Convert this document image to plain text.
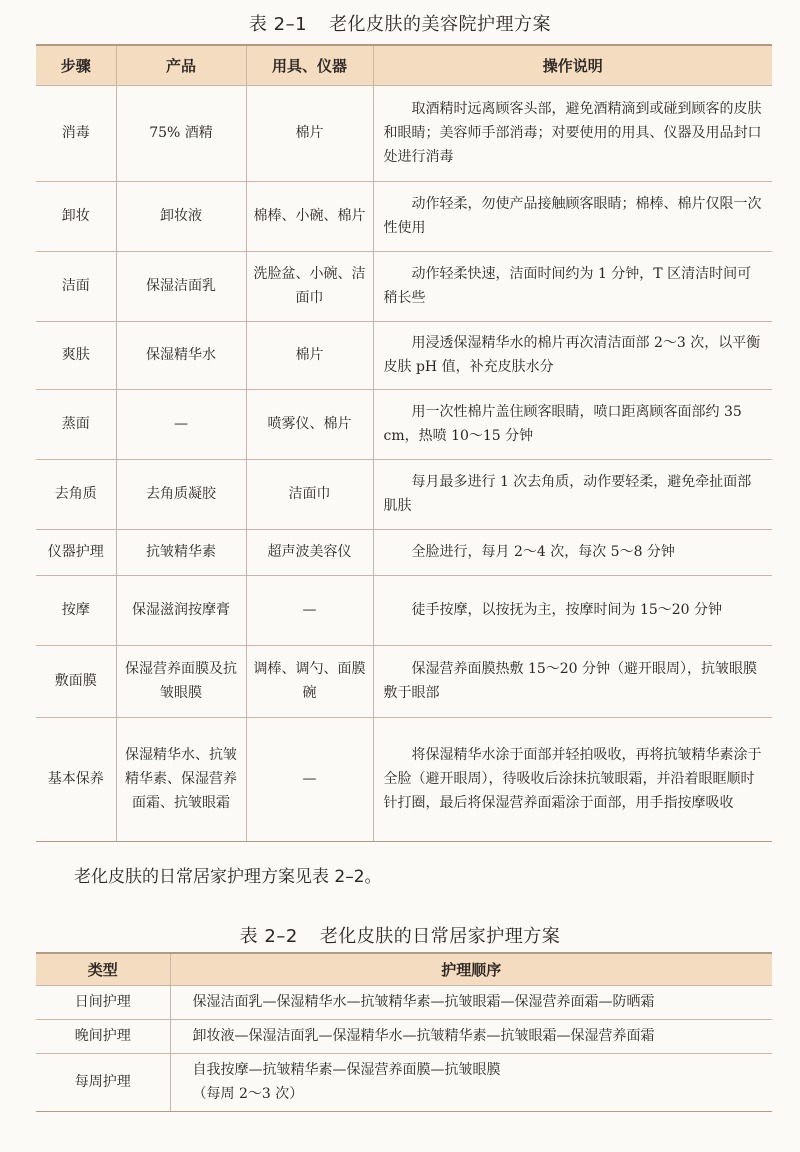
表 2–1 老化皮肤的美容院护理方案
步骤	产品	用具、仪器	操作说明
消毒	75% 酒精	棉片	取酒精时远离顾客头部，避免酒精滴到或碰到顾客的皮肤和眼睛；美容师手部消毒；对要使用的用具、仪器及用品封口处进行消毒
卸妆	卸妆液	棉棒、小碗、棉片	动作轻柔，勿使产品接触顾客眼睛；棉棒、棉片仅限一次性使用
洁面	保湿洁面乳	洗脸盆、小碗、洁面巾	动作轻柔快速，洁面时间约为 1 分钟，T 区清洁时间可稍长些
爽肤	保湿精华水	棉片	用浸透保湿精华水的棉片再次清洁面部 2～3 次，以平衡皮肤 pH 值，补充皮肤水分
蒸面	—	喷雾仪、棉片	用一次性棉片盖住顾客眼睛，喷口距离顾客面部约 35 cm，热喷 10～15 分钟
去角质	去角质凝胶	洁面巾	每月最多进行 1 次去角质，动作要轻柔，避免牵扯面部肌肤
仪器护理	抗皱精华素	超声波美容仪	全脸进行，每月 2～4 次，每次 5～8 分钟
按摩	保湿滋润按摩膏	—	徒手按摩，以按抚为主，按摩时间为 15～20 分钟
敷面膜	保湿营养面膜及抗皱眼膜	调棒、调勺、面膜碗	保湿营养面膜热敷 15～20 分钟（避开眼周），抗皱眼膜敷于眼部
基本保养	保湿精华水、抗皱精华素、保湿营养面霜、抗皱眼霜	—	将保湿精华水涂于面部并轻拍吸收，再将抗皱精华素涂于全脸（避开眼周），待吸收后涂抹抗皱眼霜，并沿着眼眶顺时针打圈，最后将保湿营养面霜涂于面部，用手指按摩吸收
老化皮肤的日常居家护理方案见表 2–2。
表 2–2 老化皮肤的日常居家护理方案
类型	护理顺序
日间护理	保湿洁面乳—保湿精华水—抗皱精华素—抗皱眼霜—保湿营养面霜—防晒霜
晚间护理	卸妆液—保湿洁面乳—保湿精华水—抗皱精华素—抗皱眼霜—保湿营养面霜
每周护理	自我按摩—抗皱精华素—保湿营养面膜—抗皱眼膜
（每周 2～3 次）
